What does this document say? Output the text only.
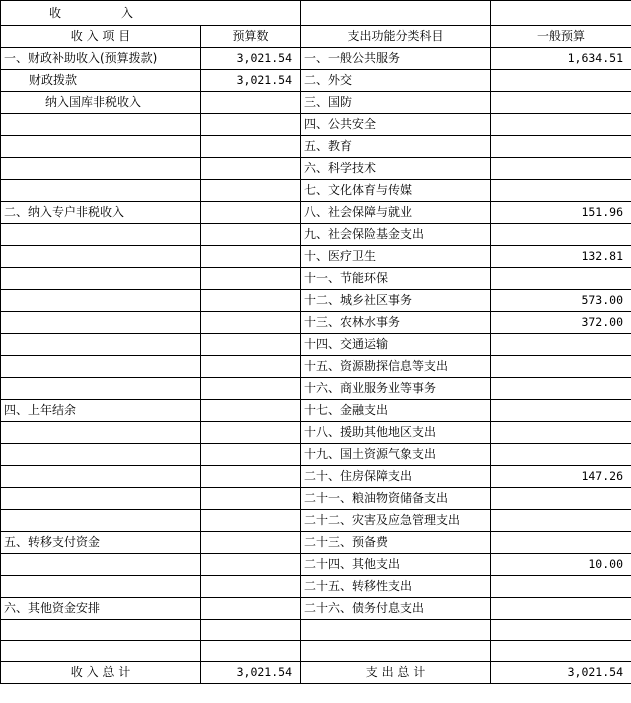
收 入			
收 入 项 目	预算数	支出功能分类科目	一般预算
一、财政补助收入(预算拨款)	3,021.54	一、一般公共服务	1,634.51
财政拨款	3,021.54	二、外交	
纳入国库非税收入		三、国防	
		四、公共安全	
		五、教育	
		六、科学技术	
		七、文化体育与传媒	
二、纳入专户非税收入		八、社会保障与就业	151.96
		九、社会保险基金支出	
		十、医疗卫生	132.81
		十一、节能环保	
		十二、城乡社区事务	573.00
		十三、农林水事务	372.00
		十四、交通运输	
		十五、资源勘探信息等支出	
		十六、商业服务业等事务	
四、上年结余		十七、金融支出	
		十八、援助其他地区支出	
		十九、国土资源气象支出	
		二十、住房保障支出	147.26
		二十一、粮油物资储备支出	
		二十二、灾害及应急管理支出	
五、转移支付资金		二十三、预备费	
		二十四、其他支出	10.00
		二十五、转移性支出	
六、其他资金安排		二十六、债务付息支出	

收 入 总 计	3,021.54	支 出 总 计	3,021.54
